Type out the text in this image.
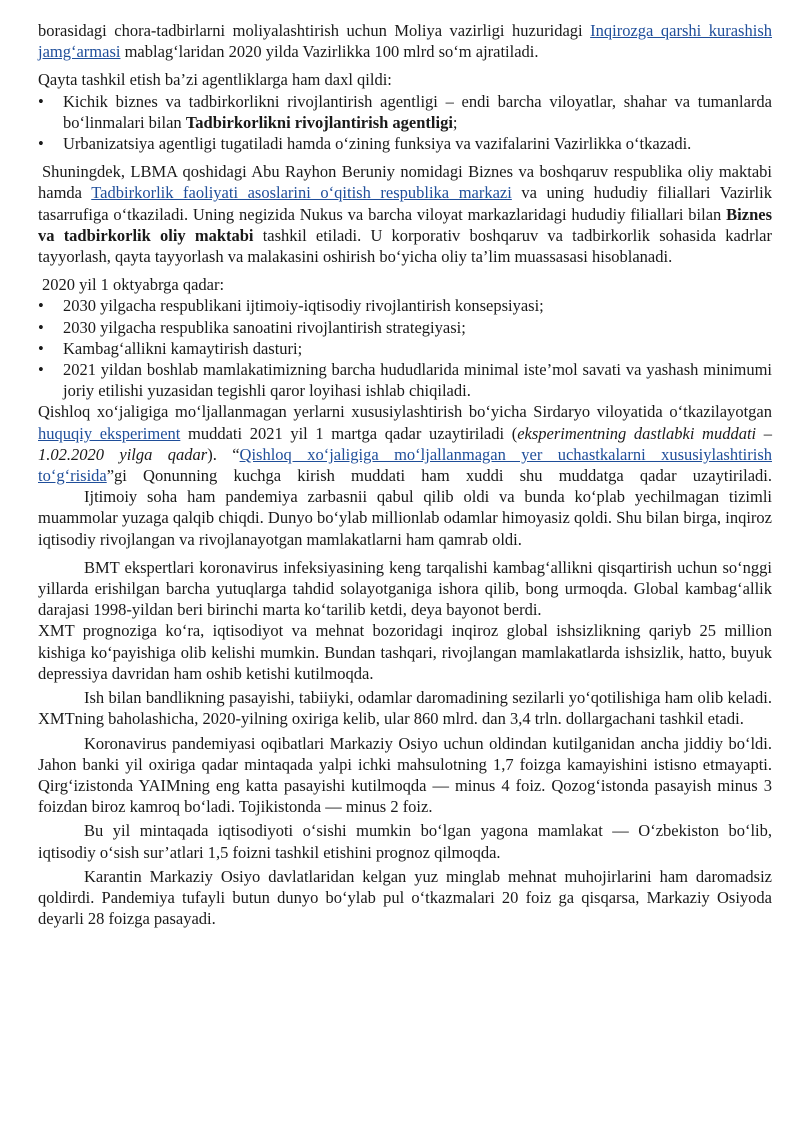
borasidagi chora-tadbirlarni moliyalashtirish uchun Moliya vazirligi huzuridagi Inqirozga qarshi kurashish jamg‘armasi mablag‘laridan 2020 yilda Vazirlikka 100 mlrd so‘m ajratiladi.

Qayta tashkil etish ba’zi agentliklarga ham daxl qildi:

•	Kichik biznes va tadbirkorlikni rivojlantirish agentligi – endi barcha viloyatlar, shahar va tumanlarda bo‘linmalari bilan Tadbirkorlikni rivojlantirish agentligi;
•	Urbanizatsiya agentligi tugatiladi hamda o‘zining funksiya va vazifalarini Vazirlikka o‘tkazadi.

Shuningdek, LBMA qoshidagi Abu Rayhon Beruniy nomidagi Biznes va boshqaruv respublika oliy maktabi hamda Tadbirkorlik faoliyati asoslarini o‘qitish respublika markazi va uning hududiy filiallari Vazirlik tasarrufiga o‘tkaziladi. Uning negizida Nukus va barcha viloyat markazlaridagi hududiy filiallari bilan Biznes va tadbirkorlik oliy maktabi tashkil etiladi. U korporativ boshqaruv va tadbirkorlik sohasida kadrlar tayyorlash, qayta tayyorlash va malakasini oshirish bo‘yicha oliy ta’lim muassasasi hisoblanadi.

2020 yil 1 oktyabrga qadar:

•	2030 yilgacha respublikani ijtimoiy-iqtisodiy rivojlantirish konsepsiyasi;
•	2030 yilgacha respublika sanoatini rivojlantirish strategiyasi;
•	Kambag‘allikni kamaytirish dasturi;
•	2021 yildan boshlab mamlakatimizning barcha hududlarida minimal iste’mol savati va yashash minimumi joriy etilishi yuzasidan tegishli qaror loyihasi ishlab chiqiladi.

Qishloq xo‘jaligiga mo‘ljallanmagan yerlarni xususiylashtirish bo‘yicha Sirdaryo viloyatida o‘tkazilayotgan huquqiy eksperiment muddati 2021 yil 1 martga qadar uzaytiriladi (eksperimentning dastlabki muddati – 1.02.2020 yilga qadar). “Qishloq xo‘jaligiga mo‘ljallanmagan yer uchastkalarni xususiylashtirish to‘g‘risida”gi Qonunning kuchga kirish muddati ham xuddi shu muddatga qadar uzaytiriladi.

Ijtimoiy soha ham pandemiya zarbasnii qabul qilib oldi va bunda ko‘plab yechilmagan tizimli muammolar yuzaga qalqib chiqdi. Dunyo bo‘ylab millionlab odamlar himoyasiz qoldi. Shu bilan birga, inqiroz iqtisodiy rivojlangan va rivojlanayotgan mamlakatlarni ham qamrab oldi.

BMT ekspertlari koronavirus infeksiyasining keng tarqalishi kambag‘allikni qisqartirish uchun so‘nggi yillarda erishilgan barcha yutuqlarga tahdid solayotganiga ishora qilib, bong urmoqda. Global kambag‘allik darajasi 1998-yildan beri birinchi marta ko‘tarilib ketdi, deya bayonot berdi.

XMT prognoziga ko‘ra, iqtisodiyot va mehnat bozoridagi inqiroz global ishsizlikning qariyb 25 million kishiga ko‘payishiga olib kelishi mumkin. Bundan tashqari, rivojlangan mamlakatlarda ishsizlik, hatto, buyuk depressiya davridan ham oshib ketishi kutilmoqda.

Ish bilan bandlikning pasayishi, tabiiyki, odamlar daromadining sezilarli yo‘qotilishiga ham olib keladi. XMTning baholashicha, 2020-yilning oxiriga kelib, ular 860 mlrd. dan 3,4 trln. dollargachani tashkil etadi.

Koronavirus pandemiyasi oqibatlari Markaziy Osiyo uchun oldindan kutilganidan ancha jiddiy bo‘ldi. Jahon banki yil oxiriga qadar mintaqada yalpi ichki mahsulotning 1,7 foizga kamayishini istisno etmayapti. Qirg‘izistonda YAIMning eng katta pasayishi kutilmoqda — minus 4 foiz. Qozog‘istonda pasayish minus 3 foizdan biroz kamroq bo‘ladi. Tojikistonda — minus 2 foiz.

Bu yil mintaqada iqtisodiyoti o‘sishi mumkin bo‘lgan yagona mamlakat — O‘zbekiston bo‘lib, iqtisodiy o‘sish sur’atlari 1,5 foizni tashkil etishini prognoz qilmoqda.

Karantin Markaziy Osiyo davlatlaridan kelgan yuz minglab mehnat muhojirlarini ham daromadsiz qoldirdi. Pandemiya tufayli butun dunyo bo‘ylab pul o‘tkazmalari 20 foiz ga qisqarsa, Markaziy Osiyoda deyarli 28 foizga pasayadi.
